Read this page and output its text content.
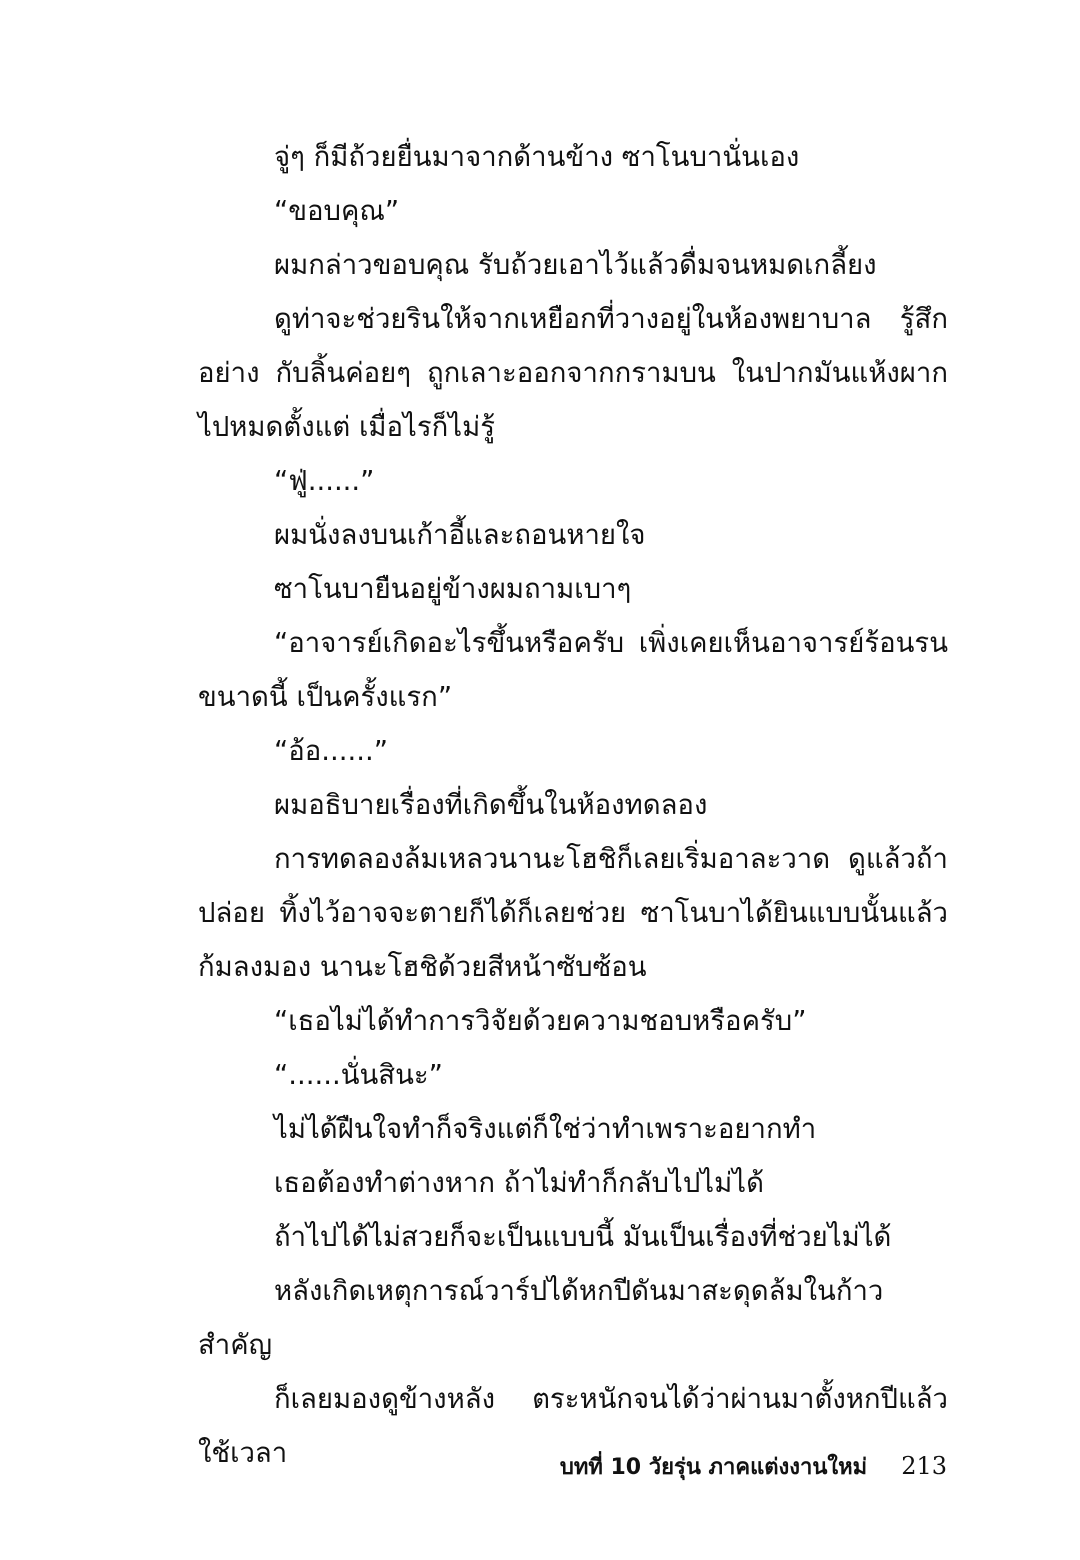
จู่ๆ ก็มีถ้วยยื่นมาจากด้านข้าง ซาโนบานั่นเอง

“ขอบคุณ”

ผมกล่าวขอบคุณ รับถ้วยเอาไว้แล้วดื่มจนหมดเกลี้ยง

ดูท่าจะช่วยรินให้จากเหยือกที่วางอยู่ในห้องพยาบาล รู้สึกอย่าง กับลิ้นค่อยๆ ถูกเลาะออกจากกรามบน ในปากมันแห้งผากไปหมดตั้งแต่ เมื่อไรก็ไม่รู้

“ฟู่......”

ผมนั่งลงบนเก้าอี้และถอนหายใจ

ซาโนบายืนอยู่ข้างผมถามเบาๆ

“อาจารย์เกิดอะไรขึ้นหรือครับ เพิ่งเคยเห็นอาจารย์ร้อนรนขนาดนี้ เป็นครั้งแรก”

“อ้อ......”

ผมอธิบายเรื่องที่เกิดขึ้นในห้องทดลอง

การทดลองล้มเหลวนานะโฮชิก็เลยเริ่มอาละวาด ดูแล้วถ้าปล่อย ทิ้งไว้อาจจะตายก็ได้ก็เลยช่วย ซาโนบาได้ยินแบบนั้นแล้วก้มลงมอง นานะโฮชิด้วยสีหน้าซับซ้อน

“เธอไม่ได้ทำการวิจัยด้วยความชอบหรือครับ”

“......นั่นสินะ”

ไม่ได้ฝืนใจทำก็จริงแต่ก็ใช่ว่าทำเพราะอยากทำ

เธอต้องทำต่างหาก ถ้าไม่ทำก็กลับไปไม่ได้

ถ้าไปได้ไม่สวยก็จะเป็นแบบนี้ มันเป็นเรื่องที่ช่วยไม่ได้

หลังเกิดเหตุการณ์วาร์ปได้หกปีดันมาสะดุดล้มในก้าวสำคัญ

ก็เลยมองดูข้างหลัง ตระหนักจนได้ว่าผ่านมาตั้งหกปีแล้ว ใช้เวลา	บทที่ 10 วัยรุ่น ภาคแต่งงานใหม่ 213
